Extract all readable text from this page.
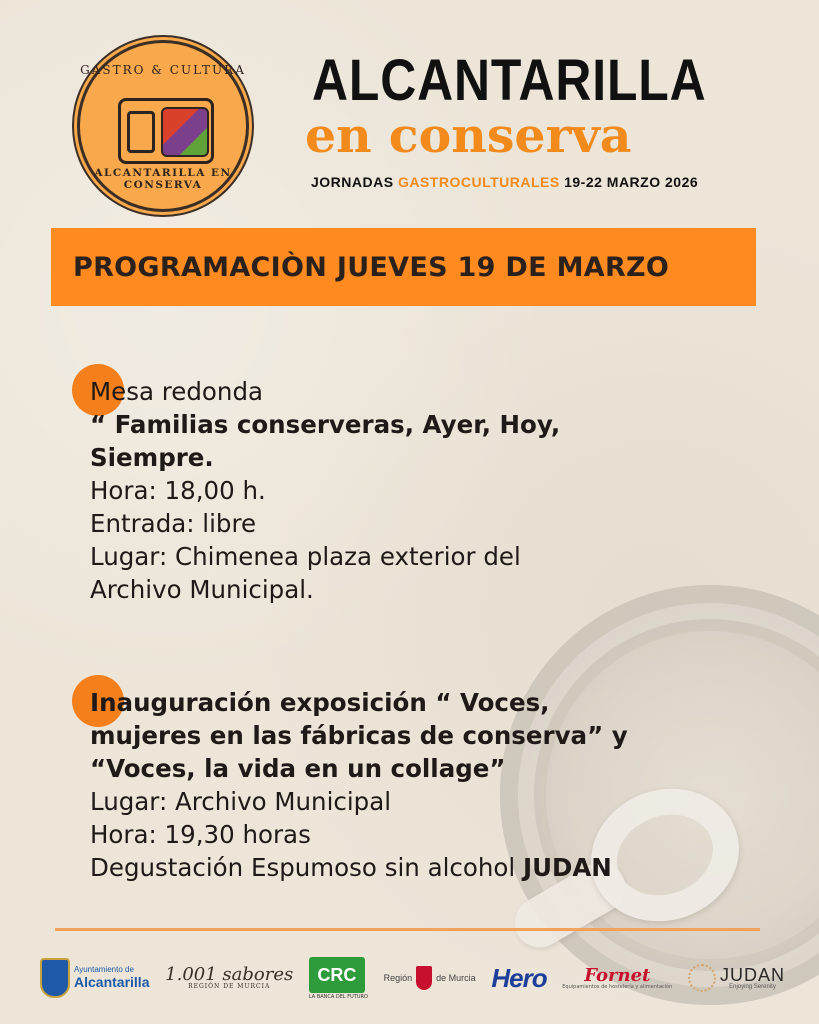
GASTRO & CULTURA
ALCANTARILLA EN CONSERVA
ALCANTARILLA
en conserva
JORNADAS GASTROCULTURALES 19-22 MARZO 2026
PROGRAMACIÒN JUEVES 19 DE MARZO
Mesa redonda
“ Familias conserveras, Ayer, Hoy,
Siempre.
Hora: 18,00 h.
Entrada: libre
Lugar: Chimenea plaza exterior del
Archivo Municipal.
Inauguración exposición “ Voces,
mujeres en las fábricas de conserva” y
“Voces, la vida en un collage”
Lugar: Archivo Municipal
Hora: 19,30 horas
Degustación Espumoso sin alcohol JUDAN
Ayuntamiento de
Alcantarilla 1.001 sabores
REGIÓN DE MURCIA
CRC
LA BANCA DEL FUTURO
Región	de Murcia Hero	Fornet
Equipamientos de hostelería y alimentación
JUDAN
Enjoying Serenity
